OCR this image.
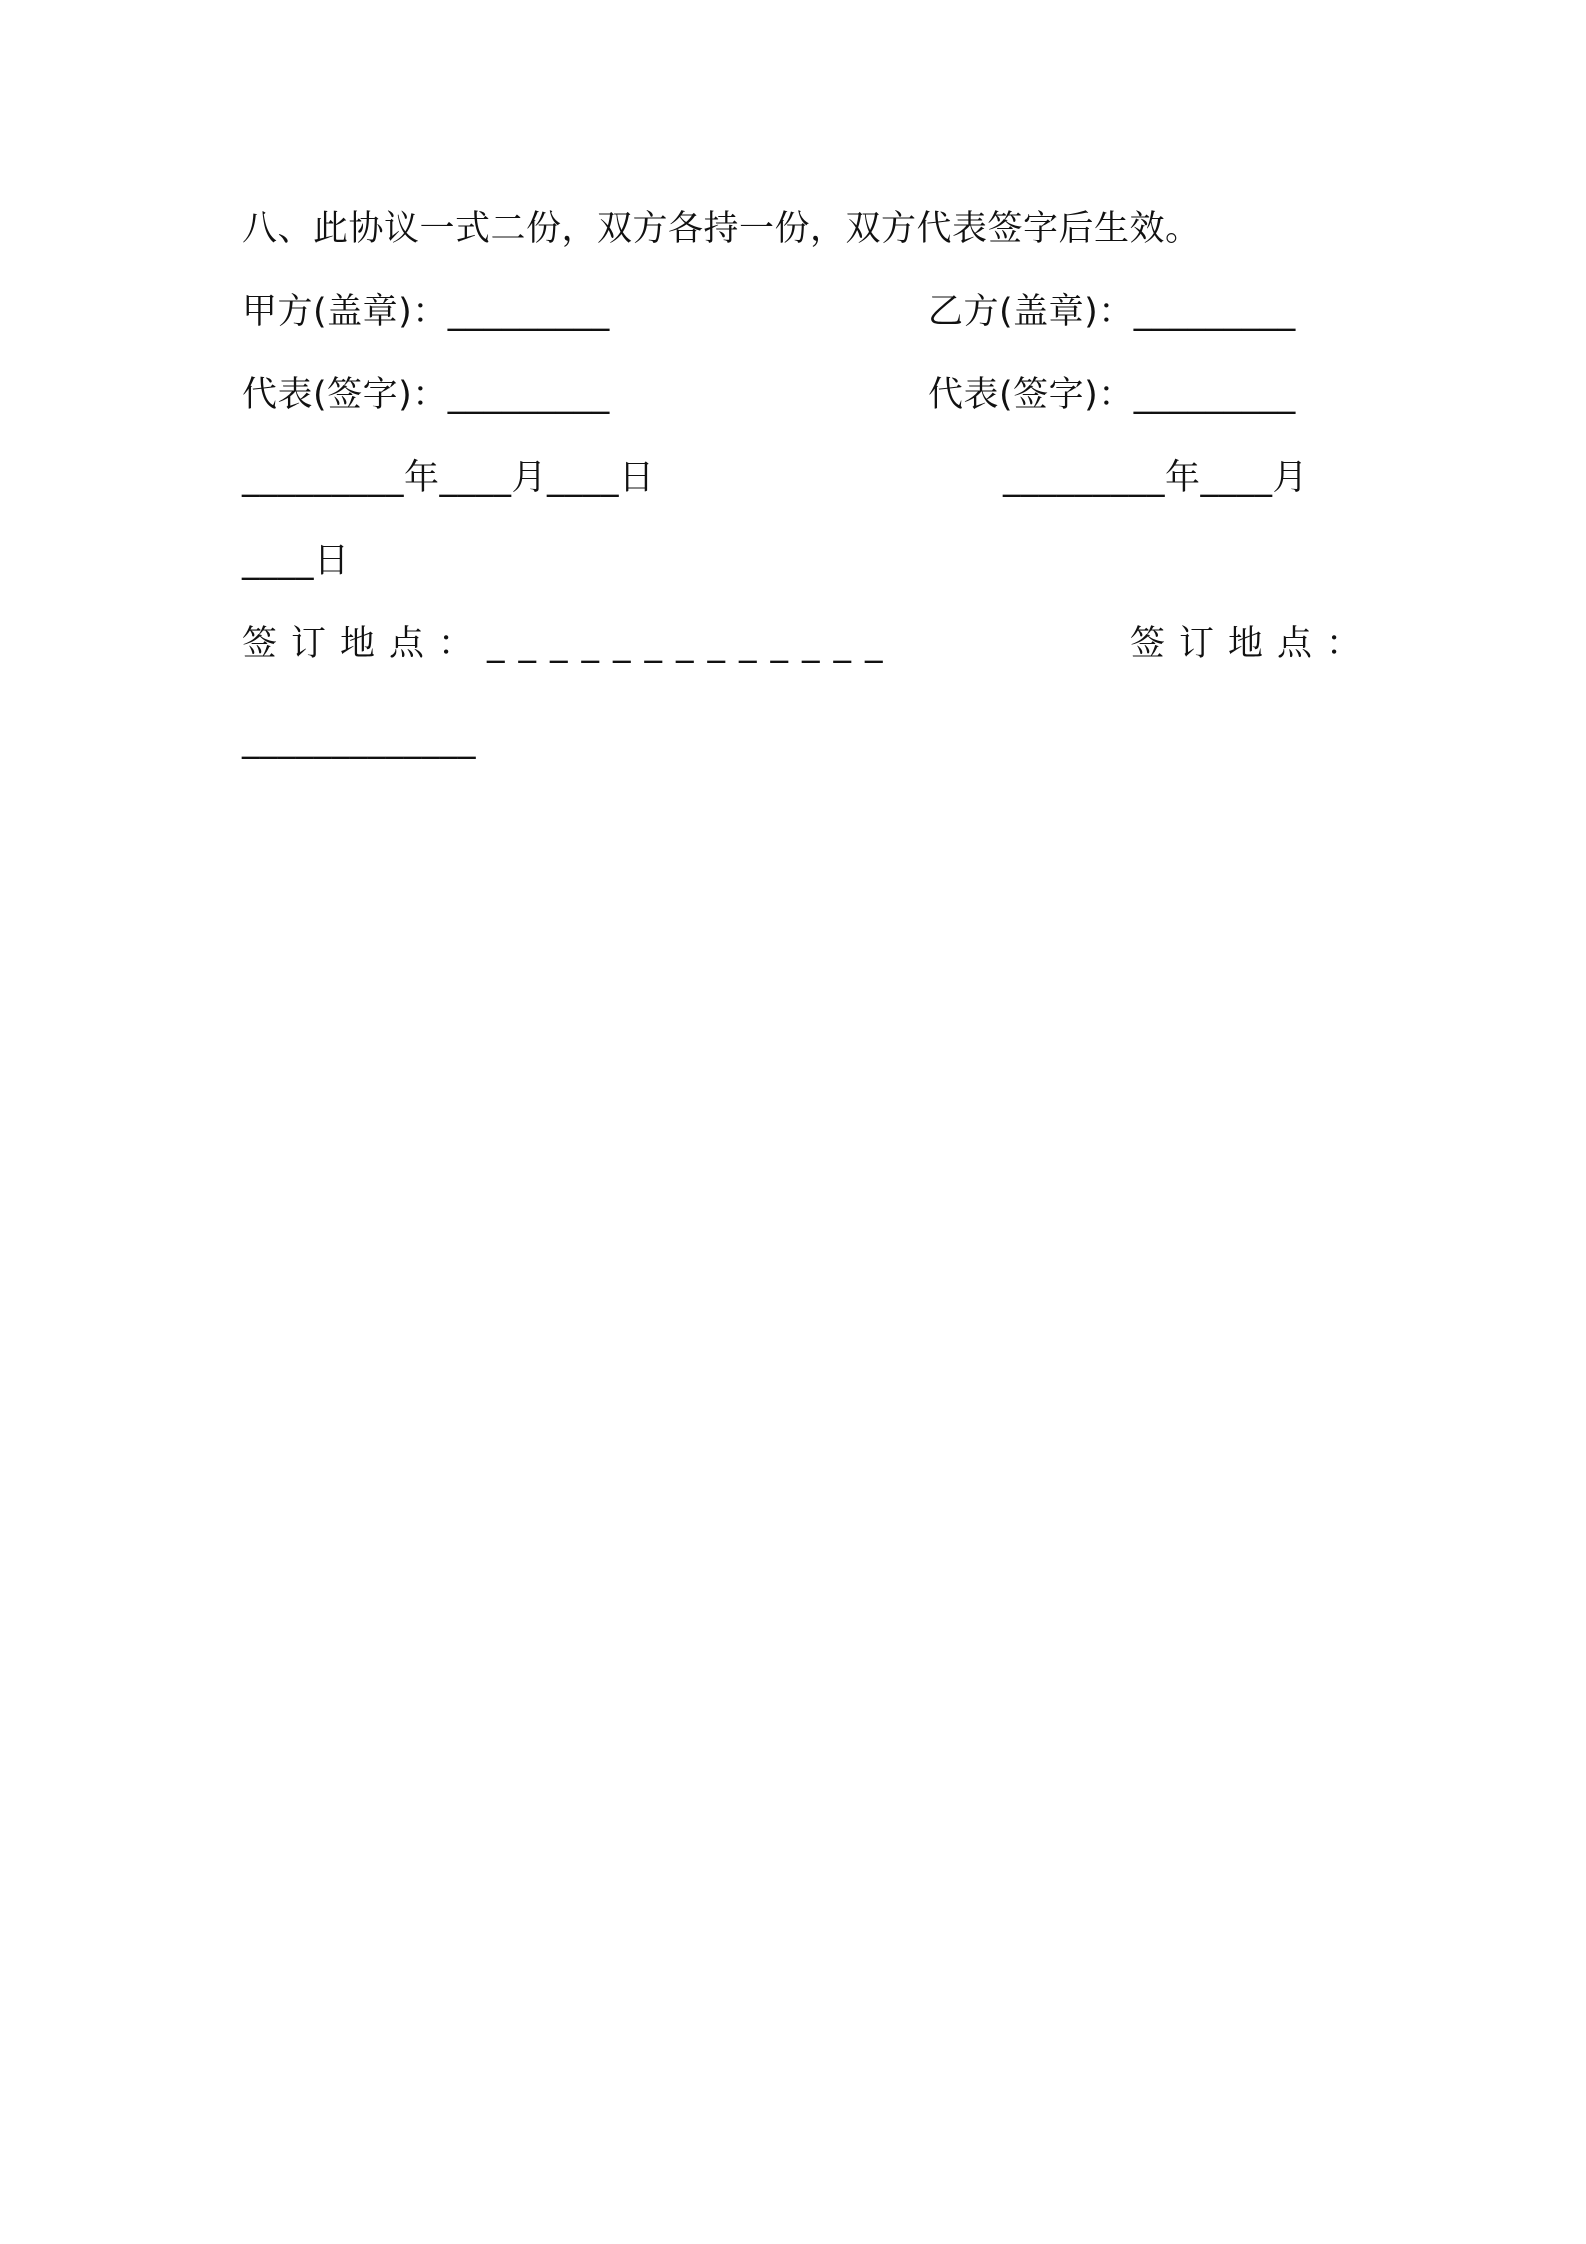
八、此协议一式二份，双方各持一份，双方代表签字后生效。
甲方(盖章)：_________	乙方(盖章)：_________
代表(签字)：_________	代表(签字)：_________
_________年____月____日	_________年____月
____日
签订地点：_____________	签订地点：
_____________
